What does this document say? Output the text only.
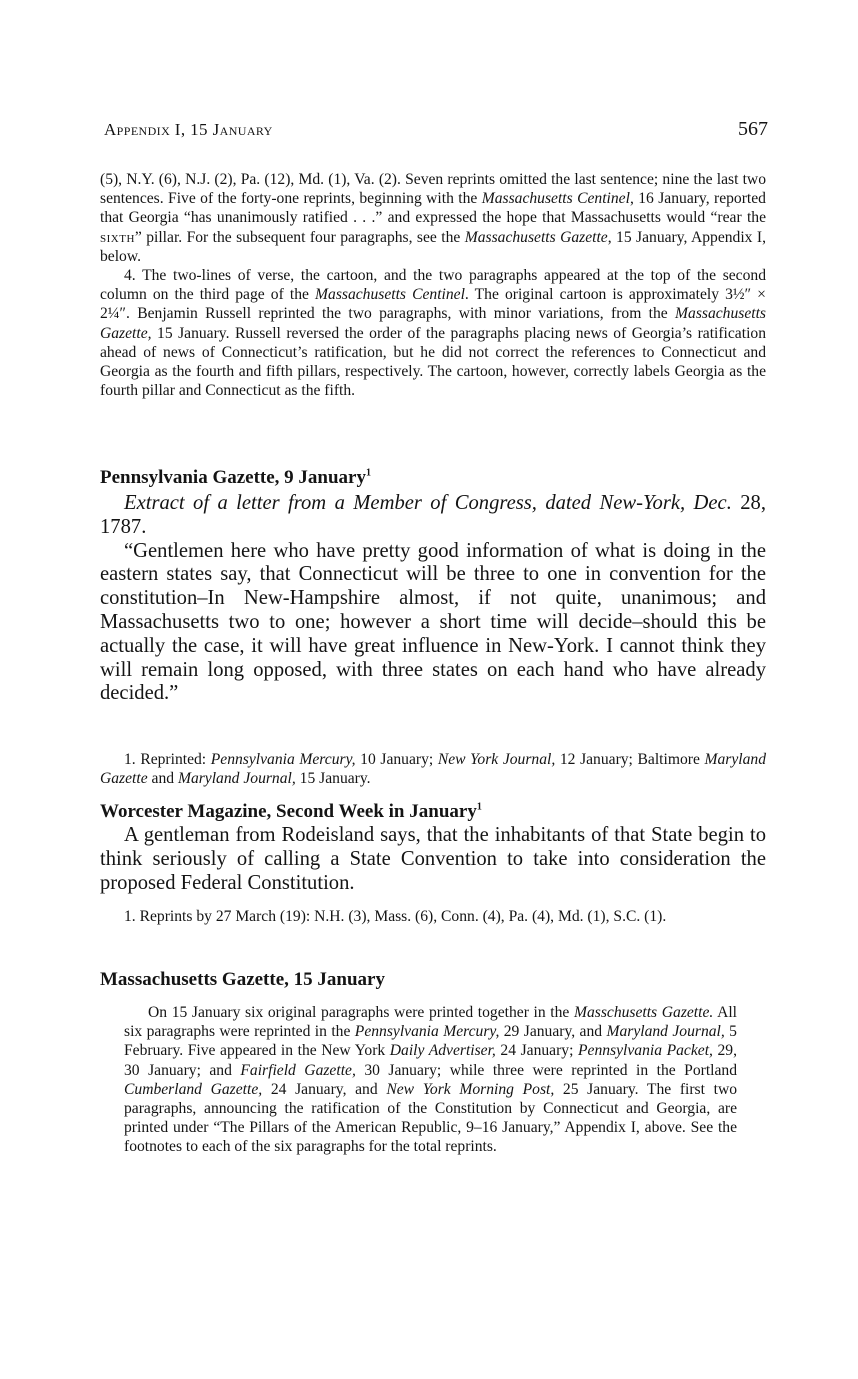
Appendix I, 15 January	567

(5), N.Y. (6), N.J. (2), Pa. (12), Md. (1), Va. (2). Seven reprints omitted the last sentence; nine the last two sentences. Five of the forty-one reprints, beginning with the Massachusetts Centinel, 16 January, reported that Georgia “has unanimously ratified . . .” and expressed the hope that Massachusetts would “rear the sixth” pillar. For the subsequent four paragraphs, see the Massachusetts Gazette, 15 January, Appendix I, below.

4. The two-lines of verse, the cartoon, and the two paragraphs appeared at the top of the second column on the third page of the Massachusetts Centinel. The original cartoon is approximately 3½″ × 2¼″. Benjamin Russell reprinted the two paragraphs, with minor variations, from the Massachusetts Gazette, 15 January. Russell reversed the order of the paragraphs placing news of Georgia’s ratification ahead of news of Connecticut’s ratification, but he did not correct the references to Connecticut and Georgia as the fourth and fifth pillars, respectively. The cartoon, however, correctly labels Georgia as the fourth pillar and Connecticut as the fifth.

Pennsylvania Gazette, 9 January$^1$

Extract of a letter from a Member of Congress, dated New-York, Dec. 28, 1787.

“Gentlemen here who have pretty good information of what is doing in the eastern states say, that Connecticut will be three to one in convention for the constitution–In New-Hampshire almost, if not quite, unanimous; and Massachusetts two to one; however a short time will decide–should this be actually the case, it will have great influence in New-York. I cannot think they will remain long opposed, with three states on each hand who have already decided.”

1. Reprinted: Pennsylvania Mercury, 10 January; New York Journal, 12 January; Baltimore Maryland Gazette and Maryland Journal, 15 January.

Worcester Magazine, Second Week in January$^1$

A gentleman from Rodeisland says, that the inhabitants of that State begin to think seriously of calling a State Convention to take into consideration the proposed Federal Constitution.

1. Reprints by 27 March (19): N.H. (3), Mass. (6), Conn. (4), Pa. (4), Md. (1), S.C. (1).

Massachusetts Gazette, 15 January

On 15 January six original paragraphs were printed together in the Masschusetts Gazette. All six paragraphs were reprinted in the Pennsylvania Mercury, 29 January, and Maryland Journal, 5 February. Five appeared in the New York Daily Advertiser, 24 January; Pennsylvania Packet, 29, 30 January; and Fairfield Gazette, 30 January; while three were reprinted in the Portland Cumberland Gazette, 24 January, and New York Morning Post, 25 January. The first two paragraphs, announcing the ratification of the Constitution by Connecticut and Georgia, are printed under “The Pillars of the American Republic, 9–16 January,” Appendix I, above. See the footnotes to each of the six paragraphs for the total reprints.
